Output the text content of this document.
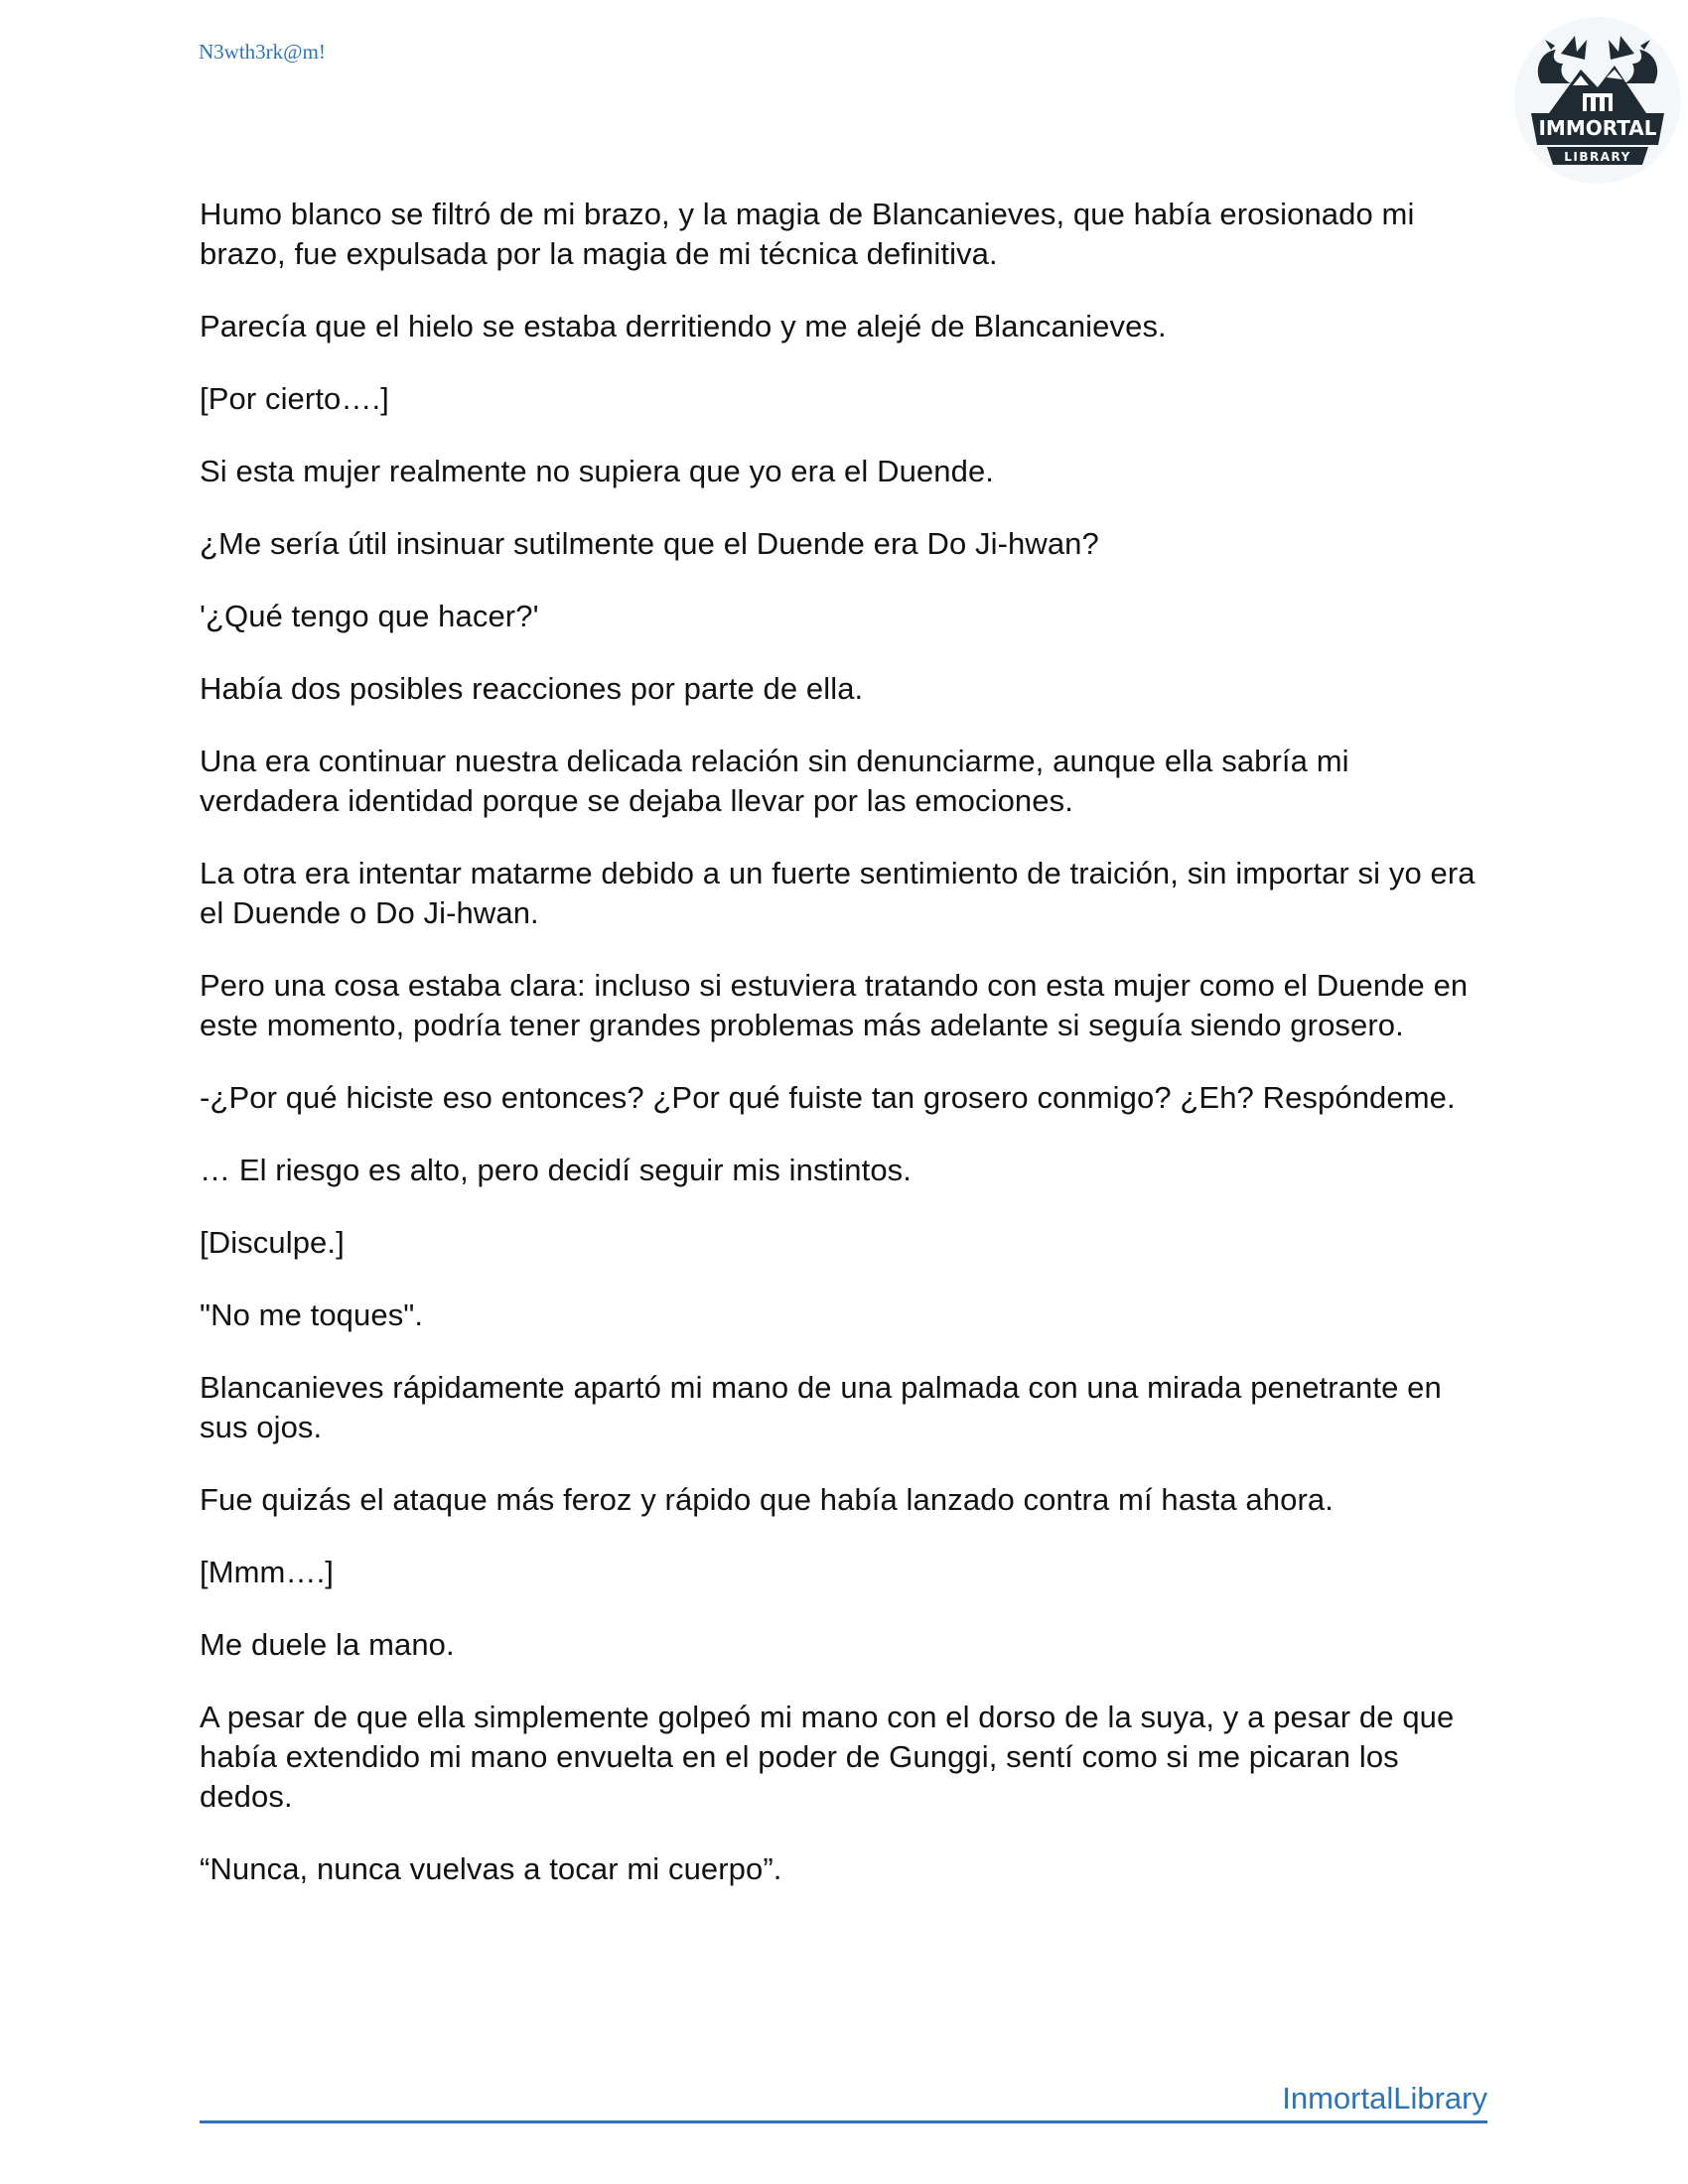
N3wth3rk@m!
IMMORTAL
LIBRARY

Humo blanco se filtró de mi brazo, y la magia de Blancanieves, que había erosionado mi brazo, fue expulsada por la magia de mi técnica definitiva.

Parecía que el hielo se estaba derritiendo y me alejé de Blancanieves.

[Por cierto….]

Si esta mujer realmente no supiera que yo era el Duende.

¿Me sería útil insinuar sutilmente que el Duende era Do Ji-hwan?

'¿Qué tengo que hacer?'

Había dos posibles reacciones por parte de ella.

Una era continuar nuestra delicada relación sin denunciarme, aunque ella sabría mi verdadera identidad porque se dejaba llevar por las emociones.

La otra era intentar matarme debido a un fuerte sentimiento de traición, sin importar si yo era el Duende o Do Ji-hwan.

Pero una cosa estaba clara: incluso si estuviera tratando con esta mujer como el Duende en este momento, podría tener grandes problemas más adelante si seguía siendo grosero.

-¿Por qué hiciste eso entonces? ¿Por qué fuiste tan grosero conmigo? ¿Eh? Respóndeme.

… El riesgo es alto, pero decidí seguir mis instintos.

[Disculpe.]

"No me toques".

Blancanieves rápidamente apartó mi mano de una palmada con una mirada penetrante en sus ojos.

Fue quizás el ataque más feroz y rápido que había lanzado contra mí hasta ahora.

[Mmm….]

Me duele la mano.

A pesar de que ella simplemente golpeó mi mano con el dorso de la suya, y a pesar de que había extendido mi mano envuelta en el poder de Gunggi, sentí como si me picaran los dedos.

“Nunca, nunca vuelvas a tocar mi cuerpo”.

InmortalLibrary
